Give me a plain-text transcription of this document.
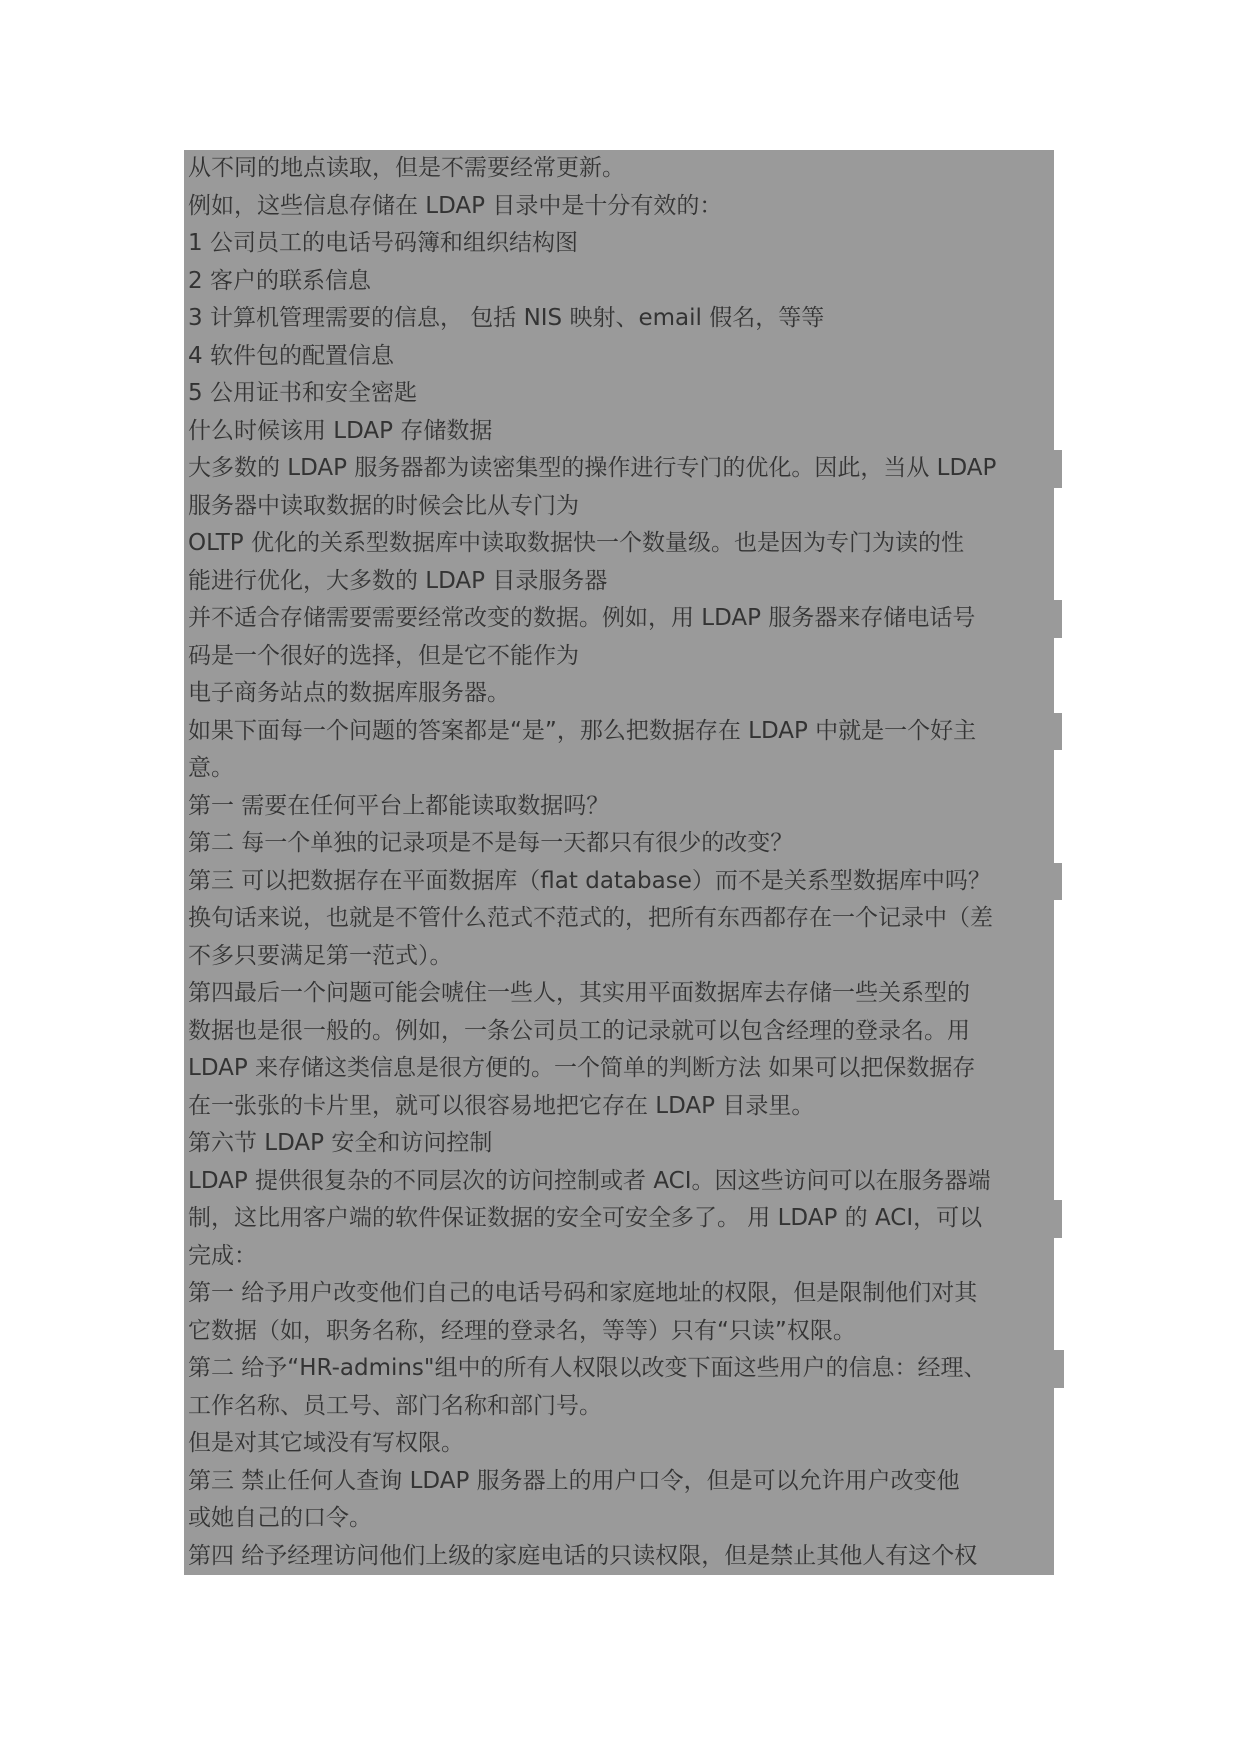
从不同的地点读取，但是不需要经常更新。
例如，这些信息存储在 LDAP 目录中是十分有效的：
1 公司员工的电话号码簿和组织结构图
2 客户的联系信息
3 计算机管理需要的信息， 包括 NIS 映射、email 假名，等等
4 软件包的配置信息
5 公用证书和安全密匙
什么时候该用 LDAP 存储数据
大多数的 LDAP 服务器都为读密集型的操作进行专门的优化。因此，当从 LDAP
服务器中读取数据的时候会比从专门为
OLTP 优化的关系型数据库中读取数据快一个数量级。也是因为专门为读的性
能进行优化，大多数的 LDAP 目录服务器
并不适合存储需要需要经常改变的数据。例如，用 LDAP 服务器来存储电话号
码是一个很好的选择，但是它不能作为
电子商务站点的数据库服务器。
如果下面每一个问题的答案都是“是”，那么把数据存在 LDAP 中就是一个好主
意。
第一 需要在任何平台上都能读取数据吗？
第二 每一个单独的记录项是不是每一天都只有很少的改变？
第三 可以把数据存在平面数据库（flat database）而不是关系型数据库中吗？
换句话来说，也就是不管什么范式不范式的，把所有东西都存在一个记录中（差
不多只要满足第一范式）。
第四最后一个问题可能会唬住一些人，其实用平面数据库去存储一些关系型的
数据也是很一般的。例如，一条公司员工的记录就可以包含经理的登录名。用
LDAP 来存储这类信息是很方便的。一个简单的判断方法 如果可以把保数据存
在一张张的卡片里，就可以很容易地把它存在 LDAP 目录里。
第六节 LDAP 安全和访问控制
LDAP 提供很复杂的不同层次的访问控制或者 ACI。因这些访问可以在服务器端
制，这比用客户端的软件保证数据的安全可安全多了。 用 LDAP 的 ACI，可以
完成：
第一 给予用户改变他们自己的电话号码和家庭地址的权限，但是限制他们对其
它数据（如，职务名称，经理的登录名，等等）只有“只读”权限。
第二 给予“HR-admins"组中的所有人权限以改变下面这些用户的信息：经理、
工作名称、员工号、部门名称和部门号。
但是对其它域没有写权限。
第三 禁止任何人查询 LDAP 服务器上的用户口令，但是可以允许用户改变他
或她自己的口令。
第四 给予经理访问他们上级的家庭电话的只读权限，但是禁止其他人有这个权
